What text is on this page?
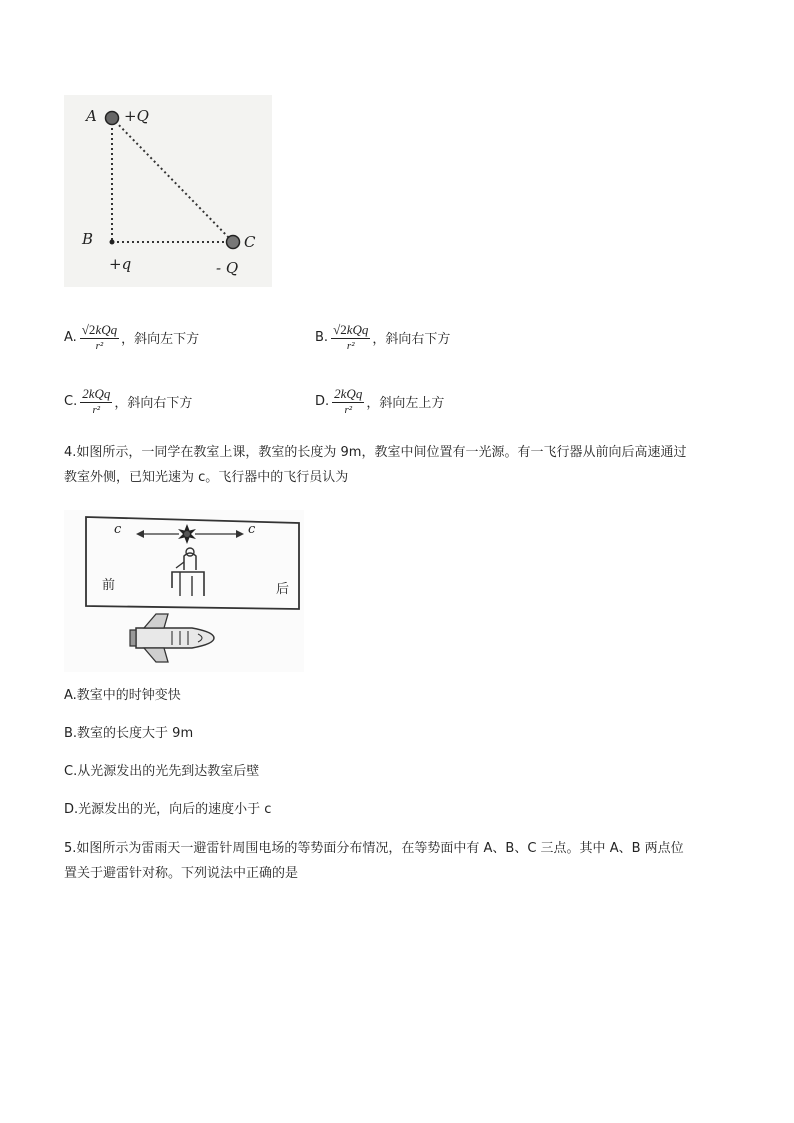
A +Q
B	C
+q	- Q
A. $\frac{\text{√2kQq}}{\text{r²}}$ ，斜向左下方	B. $\frac{\text{√2kQq}}{\text{r²}}$ ，斜向右下方
C. $\frac{\text{2kQq}}{\text{r²}}$ ，斜向右下方	D. $\frac{\text{2kQq}}{\text{r²}}$ ，斜向左上方
4.如图所示，一同学在教室上课，教室的长度为 9m，教室中间位置有一光源。有一飞行器从前向后高速通过
教室外侧，已知光速为 c。飞行器中的飞行员认为
c	c
前	后
A.教室中的时钟变快
B.教室的长度大于 9m
C.从光源发出的光先到达教室后壁
D.光源发出的光，向后的速度小于 c
5.如图所示为雷雨天一避雷针周围电场的等势面分布情况，在等势面中有 A、B、C 三点。其中 A、B 两点位
置关于避雷针对称。下列说法中正确的是
